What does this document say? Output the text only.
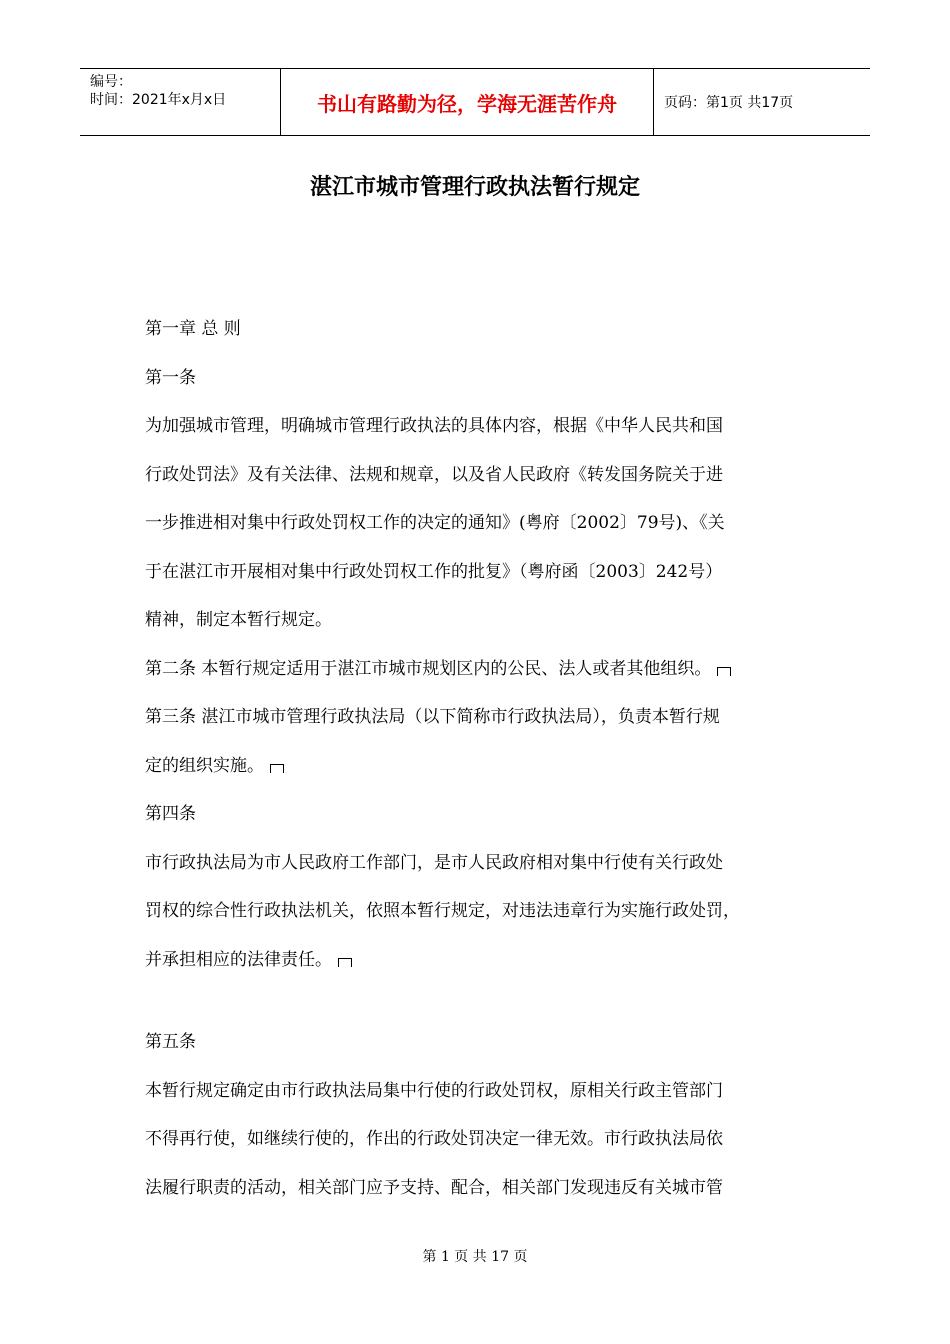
编号：
时间：2021年x月x日	书山有路勤为径，学海无涯苦作舟	页码：第1页 共17页
湛江市城市管理行政执法暂行规定
第一章 总 则
第一条
为加强城市管理，明确城市管理行政执法的具体内容，根据《中华人民共和国
行政处罚法》及有关法律、法规和规章，以及省人民政府《转发国务院关于进
一步推进相对集中行政处罚权工作的决定的通知》(粤府〔2002〕79号)、《关
于在湛江市开展相对集中行政处罚权工作的批复》（粤府函〔2003〕242号）
精神，制定本暂行规定。
第二条 本暂行规定适用于湛江市城市规划区内的公民、法人或者其他组织。
第三条 湛江市城市管理行政执法局（以下简称市行政执法局），负责本暂行规
定的组织实施。
第四条
市行政执法局为市人民政府工作部门，是市人民政府相对集中行使有关行政处
罚权的综合性行政执法机关，依照本暂行规定，对违法违章行为实施行政处罚，
并承担相应的法律责任。
第五条
本暂行规定确定由市行政执法局集中行使的行政处罚权，原相关行政主管部门
不得再行使，如继续行使的，作出的行政处罚决定一律无效。市行政执法局依
法履行职责的活动，相关部门应予支持、配合，相关部门发现违反有关城市管
第 1 页 共 17 页
